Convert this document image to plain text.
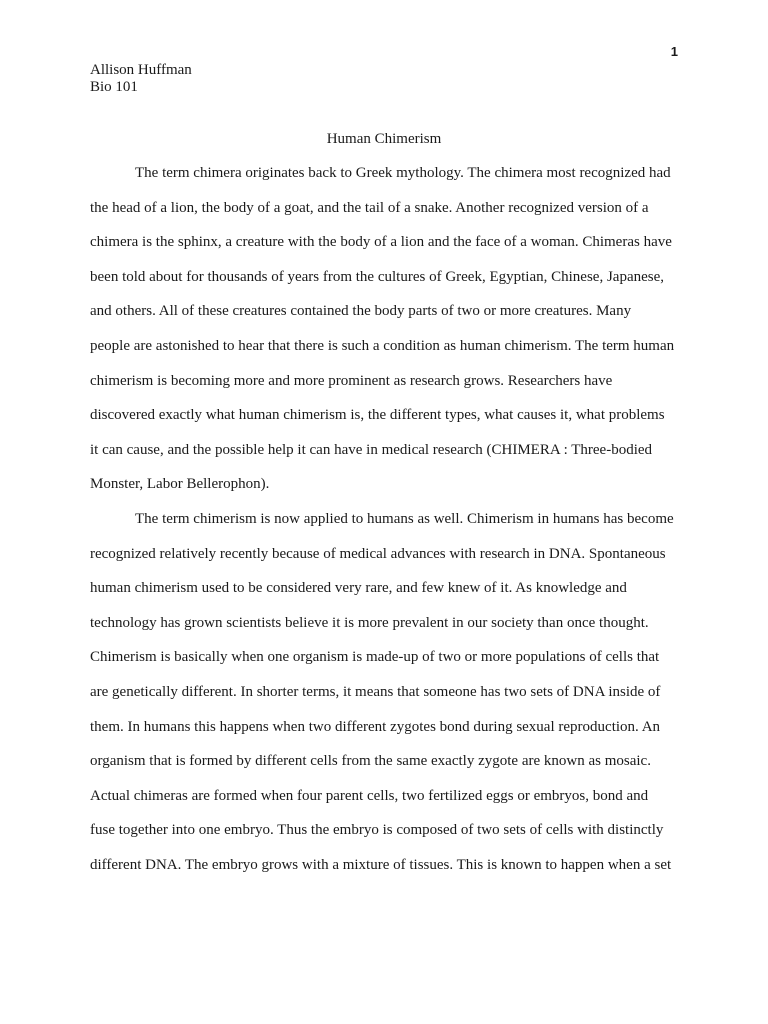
1
Allison Huffman
Bio 101
Human Chimerism
The term chimera originates back to Greek mythology. The chimera most recognized had
the head of a lion, the body of a goat, and the tail of a snake. Another recognized version of a
chimera is the sphinx, a creature with the body of a lion and the face of a woman. Chimeras have
been told about for thousands of years from the cultures of Greek, Egyptian, Chinese, Japanese,
and others. All of these creatures contained the body parts of two or more creatures. Many
people are astonished to hear that there is such a condition as human chimerism. The term human
chimerism is becoming more and more prominent as research grows. Researchers have
discovered exactly what human chimerism is, the different types, what causes it, what problems
it can cause, and the possible help it can have in medical research (CHIMERA : Three-bodied
Monster, Labor Bellerophon).
The term chimerism is now applied to humans as well. Chimerism in humans has become
recognized relatively recently because of medical advances with research in DNA. Spontaneous
human chimerism used to be considered very rare, and few knew of it. As knowledge and
technology has grown scientists believe it is more prevalent in our society than once thought.
Chimerism is basically when one organism is made-up of two or more populations of cells that
are genetically different. In shorter terms, it means that someone has two sets of DNA inside of
them. In humans this happens when two different zygotes bond during sexual reproduction. An
organism that is formed by different cells from the same exactly zygote are known as mosaic.
Actual chimeras are formed when four parent cells, two fertilized eggs or embryos, bond and
fuse together into one embryo. Thus the embryo is composed of two sets of cells with distinctly
different DNA. The embryo grows with a mixture of tissues. This is known to happen when a set
